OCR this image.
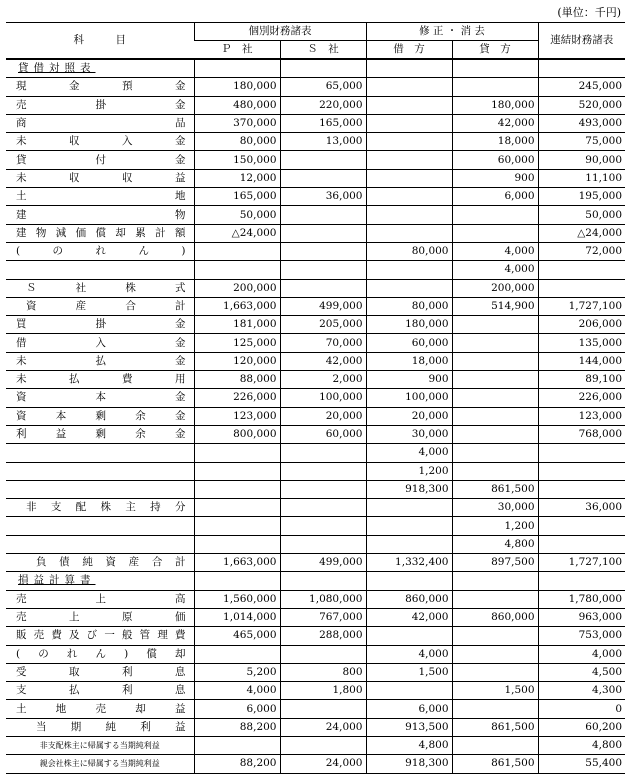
(単位：千円)
科　　　目	個別財務諸表		修 正 ・ 消 去		連結財務諸表
	Ｐ　社	Ｓ　社	借　方	貸　方	
貸借対照表					
現金預金	180,000	65,000			245,000
売掛金	480,000	220,000		180,000	520,000
商品	370,000	165,000		42,000	493,000
未収入金	80,000	13,000		18,000	75,000
貸付金	150,000			60,000	90,000
未収収益	12,000			900	11,100
土地	165,000	36,000		6,000	195,000
建物	50,000				50,000
建物減価償却累計額	△24,000				△24,000
(のれん)			80,000	4,000	72,000
				4,000	
Ｓ社株式	200,000			200,000	
資産合計	1,663,000	499,000	80,000	514,900	1,727,100
買掛金	181,000	205,000	180,000		206,000
借入金	125,000	70,000	60,000		135,000
未払金	120,000	42,000	18,000		144,000
未払費用	88,000	2,000	900		89,100
資本金	226,000	100,000	100,000		226,000
資本剰余金	123,000	20,000	20,000		123,000
利益剰余金	800,000	60,000	30,000		768,000
			4,000		
			1,200		
			918,300	861,500	
非支配株主持分				30,000	36,000
				1,200	
				4,800	
負債純資産合計	1,663,000	499,000	1,332,400	897,500	1,727,100
損益計算書					
売上高	1,560,000	1,080,000	860,000		1,780,000
売上原価	1,014,000	767,000	42,000	860,000	963,000
販売費及び一般管理費	465,000	288,000			753,000
(のれん)償却			4,000		4,000
受取利息	5,200	800	1,500		4,500
支払利息	4,000	1,800		1,500	4,300
土地売却益	6,000		6,000		0
当期純利益	88,200	24,000	913,500	861,500	60,200
非支配株主に帰属する当期純利益			4,800		4,800
親会社株主に帰属する当期純利益	88,200	24,000	918,300	861,500	55,400
